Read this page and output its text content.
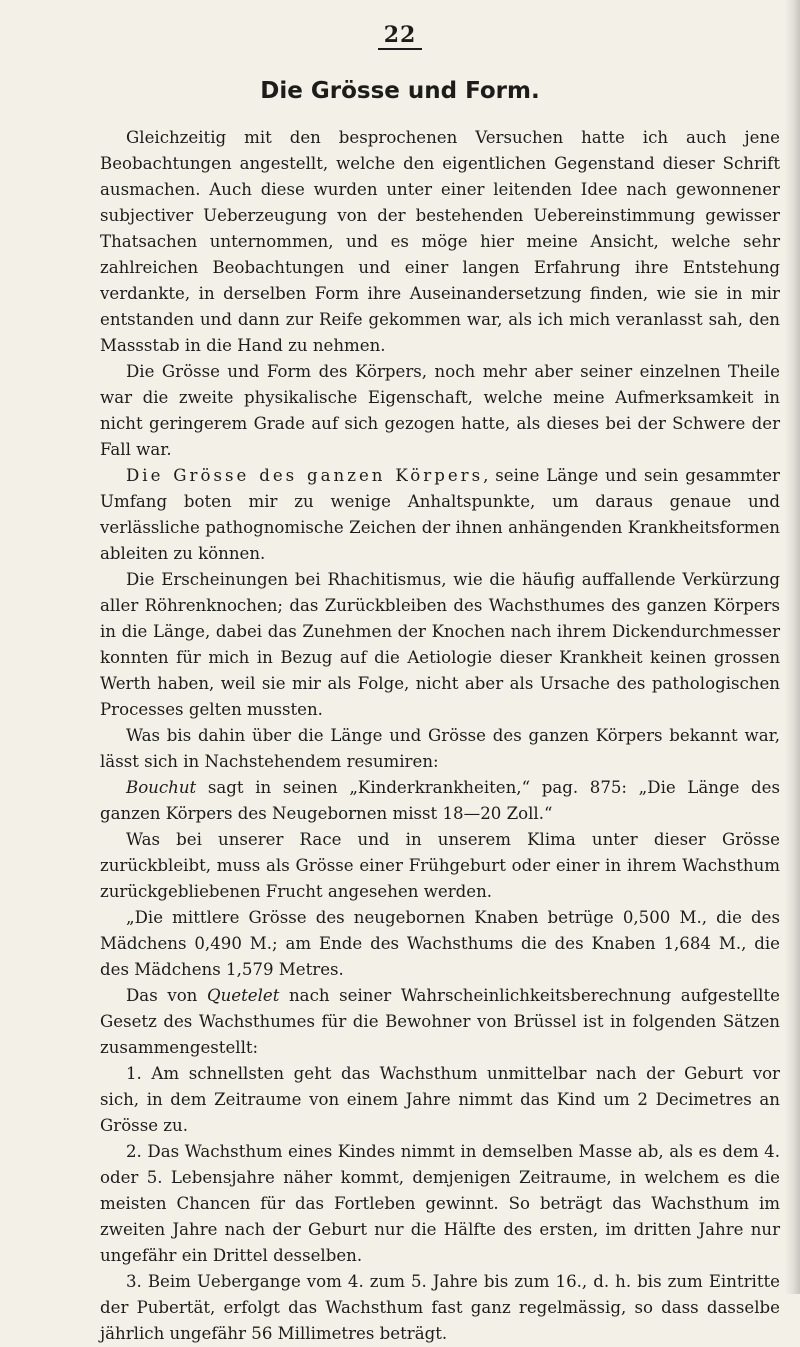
22
Die Grösse und Form.

Gleichzeitig mit den besprochenen Versuchen hatte ich auch jene Beobachtungen angestellt, welche den eigentlichen Gegenstand dieser Schrift ausmachen. Auch diese wurden unter einer leitenden Idee nach gewonnener subjectiver Ueberzeugung von der bestehenden Uebereinstimmung gewisser Thatsachen unternommen, und es möge hier meine Ansicht, welche sehr zahlreichen Beobachtungen und einer langen Erfahrung ihre Entstehung verdankte, in derselben Form ihre Auseinandersetzung finden, wie sie in mir entstanden und dann zur Reife gekommen war, als ich mich veranlasst sah, den Massstab in die Hand zu nehmen.

Die Grösse und Form des Körpers, noch mehr aber seiner einzelnen Theile war die zweite physikalische Eigenschaft, welche meine Aufmerksamkeit in nicht geringerem Grade auf sich gezogen hatte, als dieses bei der Schwere der Fall war.

Die Grösse des ganzen Körpers, seine Länge und sein gesammter Umfang boten mir zu wenige Anhaltspunkte, um daraus genaue und verlässliche pathognomische Zeichen der ihnen anhängenden Krankheitsformen ableiten zu können.

Die Erscheinungen bei Rhachitismus, wie die häufig auffallende Verkürzung aller Röhrenknochen; das Zurückbleiben des Wachsthumes des ganzen Körpers in die Länge, dabei das Zunehmen der Knochen nach ihrem Dickendurchmesser konnten für mich in Bezug auf die Aetiologie dieser Krankheit keinen grossen Werth haben, weil sie mir als Folge, nicht aber als Ursache des pathologischen Processes gelten mussten.

Was bis dahin über die Länge und Grösse des ganzen Körpers bekannt war, lässt sich in Nachstehendem resumiren:

Bouchut sagt in seinen „Kinderkrankheiten,“ pag. 875: „Die Länge des ganzen Körpers des Neugebornen misst 18—20 Zoll.“

Was bei unserer Race und in unserem Klima unter dieser Grösse zurückbleibt, muss als Grösse einer Frühgeburt oder einer in ihrem Wachsthum zurückgebliebenen Frucht angesehen werden.

„Die mittlere Grösse des neugebornen Knaben betrüge 0,500 M., die des Mädchens 0,490 M.; am Ende des Wachsthums die des Knaben 1,684 M., die des Mädchens 1,579 Metres.

Das von Quetelet nach seiner Wahrscheinlichkeitsberechnung aufgestellte Gesetz des Wachsthumes für die Bewohner von Brüssel ist in folgenden Sätzen zusammengestellt:

1. Am schnellsten geht das Wachsthum unmittelbar nach der Geburt vor sich, in dem Zeitraume von einem Jahre nimmt das Kind um 2 Decimetres an Grösse zu.

2. Das Wachsthum eines Kindes nimmt in demselben Masse ab, als es dem 4. oder 5. Lebensjahre näher kommt, demjenigen Zeitraume, in welchem es die meisten Chancen für das Fortleben gewinnt. So beträgt das Wachsthum im zweiten Jahre nach der Geburt nur die Hälfte des ersten, im dritten Jahre nur ungefähr ein Drittel desselben.

3. Beim Uebergange vom 4. zum 5. Jahre bis zum 16., d. h. bis zum Eintritte der Pubertät, erfolgt das Wachsthum fast ganz regelmässig, so dass dasselbe jährlich ungefähr 56 Millimetres beträgt.
